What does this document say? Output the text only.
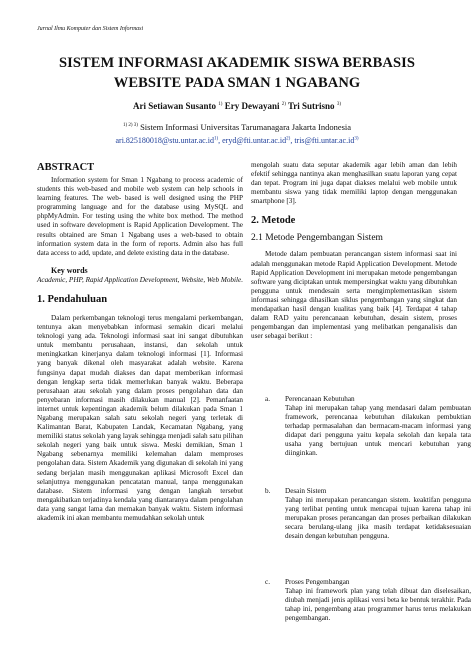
Jurnal Ilmu Komputer dan Sistem Informasi
SISTEM INFORMASI AKADEMIK SISWA BERBASIS
WEBSITE PADA SMAN 1 NGABANG
Ari Setiawan Susanto $^{1)}$ Ery Dewayani $^{2)}$ Tri Sutrisno $^{3)}$
$^{1) 2) 3)}$ Sistem Informasi Universitas Tarumanagara Jakarta Indonesia
$ari.825180018@stu.untar.ac.id^{1)}$, $eryd@fti.untar.ac.id^{2)}$, $tris@fti.untar.ac.id^{3)}$
ABSTRACT

Information system for Sman 1 Ngabang to process academic of students this web-based and mobile web system can help schools in learning features. The web- based is well designed using the PHP programming language and for the database using MySQL and phpMyAdmin. For testing using the white box method. The method used in software development is Rapid Application Development. The results obtained are Sman 1 Ngabang uses a web-based to obtain information system data in the form of reports. Admin also has full data access to add, update, and delete existing data in the database.

Key words

Academic, PHP, Rapid Application Development, Website, Web Mobile.

1. Pendahuluan

Dalam perkembangan teknologi terus mengalami perkembangan, tentunya akan menyebabkan informasi semakin dicari melalui teknologi yang ada. Teknologi informasi saat ini sangat dibutuhkan untuk membantu perusahaan, instansi, dan sekolah untuk meningkatkan kinerjanya dalam teknologi informasi [1]. Informasi yang banyak dikenal oleh masyarakat adalah website. Karena fungsinya dapat mudah diakses dan dapat memberikan informasi dengan lengkap serta tidak memerlukan banyak waktu. Beberapa perusahaan atau sekolah yang dalam proses pengolahan data dan penyebaran informasi masih dilakukan manual [2]. Pemanfaatan internet untuk kepentingan akademik belum dilakukan pada Sman 1 Ngabang merupakan salah satu sekolah negeri yang terletak di Kalimantan Barat, Kabupaten Landak, Kecamatan Ngabang, yang memiliki status sekolah yang layak sehingga menjadi salah satu pilihan sekolah negeri yang baik untuk siswa. Meski demikian, Sman 1 Ngabang sebenarnya memiliki kelemahan dalam memproses pengolahan data. Sistem Akademik yang digunakan di sekolah ini yang sedang berjalan masih menggunakan aplikasi Microsoft Excel dan selanjutnya menggunakan pencatatan manual, tanpa menggunakan database. Sistem informasi yang dengan langkah tersebut mengakibatkan terjadinya kendala yang diantaranya dalam pengolahan data yang sangat lama dan memakan banyak waktu. Sistem informasi akademik ini akan membantu memudahkan sekolah untuk

mengolah suatu data seputar akademik agar lebih aman dan lebih efektif sehingga nantinya akan menghasilkan suatu laporan yang cepat dan tepat. Program ini juga dapat diakses melalui web mobile untuk membantu siswa yang tidak memiliki laptop dengan menggunakan smartphone [3].

2. Metode
2.1 Metode Pengembangan Sistem

Metode dalam pembuatan perancangan sistem informasi saat ini adalah menggunakan metode Rapid Application Development. Metode Rapid Application Development ini merupakan metode pengembangan software yang diciptakan untuk mempersingkat waktu yang dibutuhkan pengguna untuk mendesain serta mengimplementasikan sistem informasi sehingga dihasilkan siklus pengembangan yang singkat dan mendapatkan hasil dengan kualitas yang baik [4]. Terdapat 4 tahap dalam RAD yaitu perencanaan kebutuhan, desain sistem, proses pengembangan dan implementasi yang melibatkan penganalisis dan user sebagai berikut :

a. Perencanaan Kebutuhan

Tahap ini merupakan tahap yang mendasari dalam pembuatan framework, perencanaa kebutuhan dilakukan pembuktian terhadap permasalahan dan bermacam-macam informasi yang didapat dari pengguna yaitu kepala sekolah dan kepala tata usaha yang bertujuan untuk mencari kebutuhan yang diinginkan.

b. Desain Sistem

Tahap ini merupakan perancangan sistem. keaktifan pengguna yang terlibat penting untuk mencapai tujuan karena tahap ini merupakan proses perancangan dan proses perbaikan dilakukan secara berulang-ulang jika masih terdapat ketidaksesuaian desain dengan kebutuhan pengguna.

c. Proses Pengembangan

Tahap ini framework plan yang telah dibuat dan diselesaikan, diubah menjadi jenis aplikasi versi beta ke bentuk terakhir. Pada tahap ini, pengembang atau programmer harus terus melakukan pengembangan.
